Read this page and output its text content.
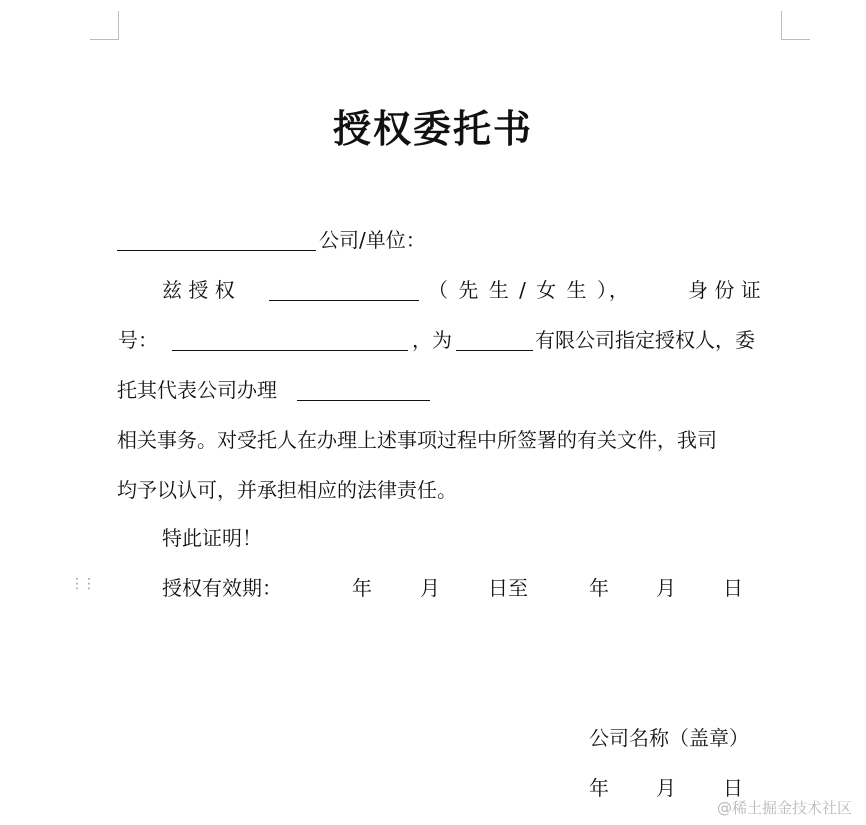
授权委托书
公司/单位：
兹 授 权	（ 先 生 / 女 生 ），	身 份 证
号：	，为	有限公司指定授权人，委
托其代表公司办理
相关事务。对受托人在办理上述事项过程中所签署的有关文件，我司
均予以认可，并承担相应的法律责任。
特此证明！
⋮⋮	授权有效期：	年 月 日至	年 月 日
公司名称（盖章）
年 月 日
@稀土掘金技术社区
